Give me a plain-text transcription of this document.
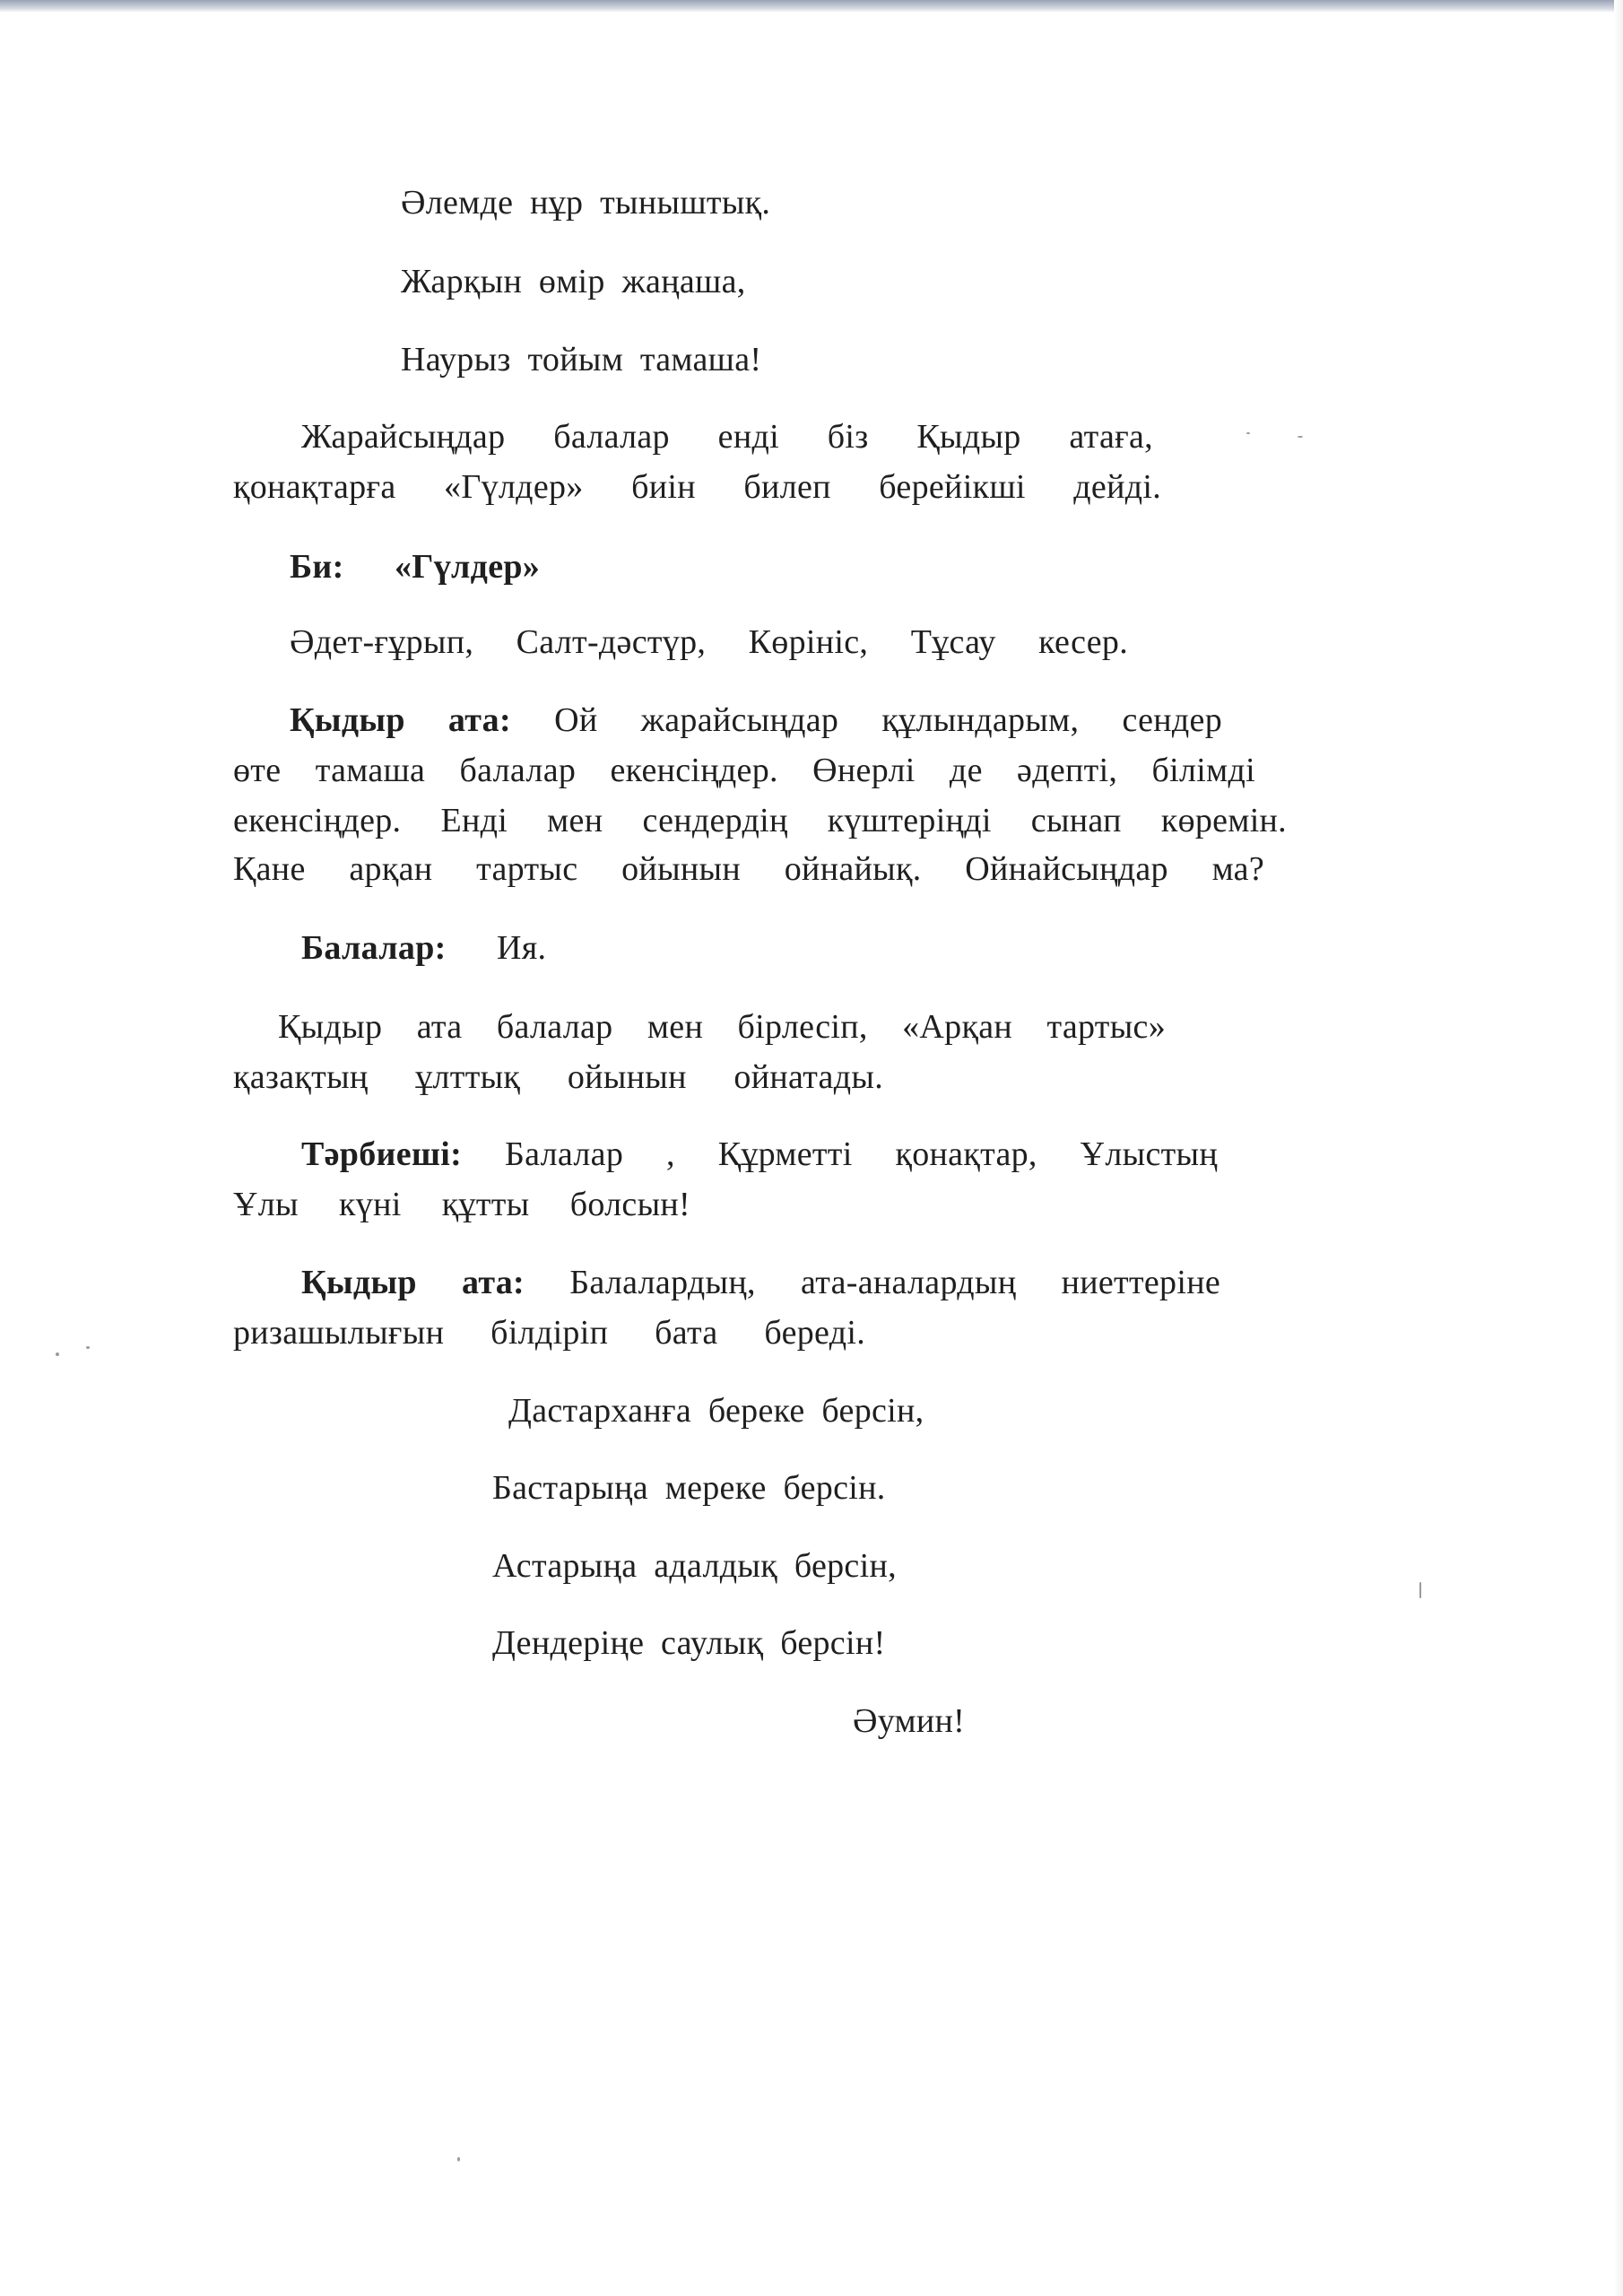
Әлемде нұр тыныштық.
Жарқын өмір жаңаша,
Наурыз тойым тамаша!
Жарайсыңдар балалар енді біз Қыдыр атаға,
қонақтарға «Гүлдер» биін билеп берейікші дейді.
Би: «Гүлдер»
Әдет-ғұрып, Салт-дәстүр, Көрініс, Тұсау кесер.
Қыдыр ата: Ой жарайсыңдар құлындарым, сендер
өте тамаша балалар екенсіңдер. Өнерлі де әдепті, білімді
екенсіңдер. Енді мен сендердің күштеріңді сынап көремін.
Қане арқан тартыс ойынын ойнайық. Ойнайсыңдар ма?
Балалар: Ия.
Қыдыр ата балалар мен бірлесіп, «Арқан тартыс»
қазақтың ұлттық ойынын ойнатады.
Тәрбиеші: Балалар , Құрметті қонақтар, Ұлыстың
Ұлы күні құтты болсын!
Қыдыр ата: Балалардың, ата-аналардың ниеттеріне
ризашылығын білдіріп бата береді.
Дастарханға береке берсін,
Бастарыңа мереке берсін.
Астарыңа адалдық берсін,
Дендеріңе саулық берсін!
Әумин!
